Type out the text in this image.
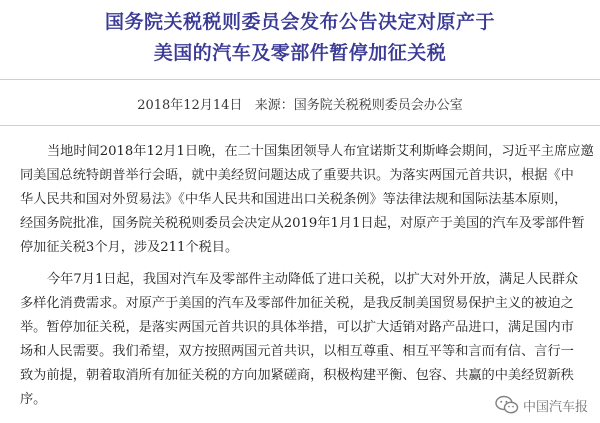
国务院关税税则委员会发布公告决定对原产于
美国的汽车及零部件暂停加征关税
2018年12月14日 来源：国务院关税税则委员会办公室
当地时间2018年12月1日晚，在二十国集团领导人布宜诺斯艾利斯峰会期间，习近平主席应邀
同美国总统特朗普举行会晤，就中美经贸问题达成了重要共识。为落实两国元首共识，根据《中
华人民共和国对外贸易法》《中华人民共和国进出口关税条例》等法律法规和国际法基本原则，
经国务院批准，国务院关税税则委员会决定从2019年1月1日起，对原产于美国的汽车及零部件暂
停加征关税3个月，涉及211个税目。
今年7月1日起，我国对汽车及零部件主动降低了进口关税，以扩大对外开放，满足人民群众
多样化消费需求。对原产于美国的汽车及零部件加征关税，是我反制美国贸易保护主义的被迫之
举。暂停加征关税，是落实两国元首共识的具体举措，可以扩大适销对路产品进口，满足国内市
场和人民需要。我们希望，双方按照两国元首共识，以相互尊重、相互平等和言而有信、言行一
致为前提，朝着取消所有加征关税的方向加紧磋商，积极构建平衡、包容、共赢的中美经贸新秩
序。	中国汽车报
